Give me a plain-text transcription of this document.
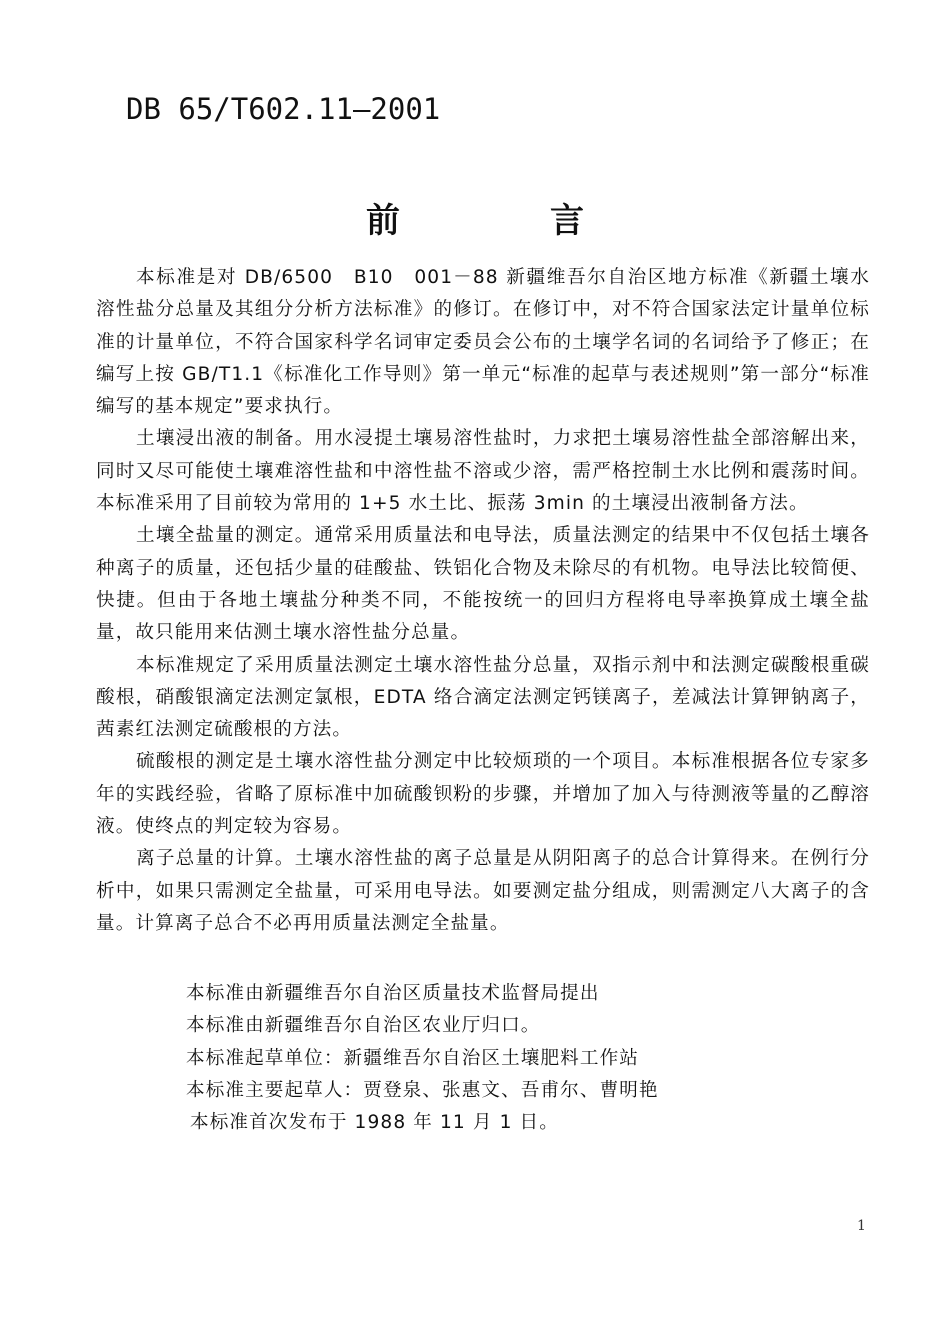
DB 65/T602.11—2001
前言

本标准是对 DB/6500　B10　001－88 新疆维吾尔自治区地方标准《新疆土壤水溶性盐分总量及其组分分析方法标准》的修订。在修订中，对不符合国家法定计量单位标准的计量单位，不符合国家科学名词审定委员会公布的土壤学名词的名词给予了修正；在编写上按 GB/T1.1《标准化工作导则》第一单元“标准的起草与表述规则”第一部分“标准编写的基本规定”要求执行。

土壤浸出液的制备。用水浸提土壤易溶性盐时，力求把土壤易溶性盐全部溶解出来，同时又尽可能使土壤难溶性盐和中溶性盐不溶或少溶，需严格控制土水比例和震荡时间。本标准采用了目前较为常用的 1+5 水土比、振荡 3min 的土壤浸出液制备方法。

土壤全盐量的测定。通常采用质量法和电导法，质量法测定的结果中不仅包括土壤各种离子的质量，还包括少量的硅酸盐、铁铝化合物及未除尽的有机物。电导法比较简便、快捷。但由于各地土壤盐分种类不同，不能按统一的回归方程将电导率换算成土壤全盐量，故只能用来估测土壤水溶性盐分总量。

本标准规定了采用质量法测定土壤水溶性盐分总量，双指示剂中和法测定碳酸根重碳酸根，硝酸银滴定法测定氯根，EDTA 络合滴定法测定钙镁离子，差减法计算钾钠离子，茜素红法测定硫酸根的方法。

硫酸根的测定是土壤水溶性盐分测定中比较烦琐的一个项目。本标准根据各位专家多年的实践经验，省略了原标准中加硫酸钡粉的步骤，并增加了加入与待测液等量的乙醇溶液。使终点的判定较为容易。

离子总量的计算。土壤水溶性盐的离子总量是从阴阳离子的总合计算得来。在例行分析中，如果只需测定全盐量，可采用电导法。如要测定盐分组成，则需测定八大离子的含量。计算离子总合不必再用质量法测定全盐量。

本标准由新疆维吾尔自治区质量技术监督局提出
本标准由新疆维吾尔自治区农业厅归口。
本标准起草单位：新疆维吾尔自治区土壤肥料工作站
本标准主要起草人：贾登泉、张惠文、吾甫尔、曹明艳
本标准首次发布于 1988 年 11 月 1 日。
1
